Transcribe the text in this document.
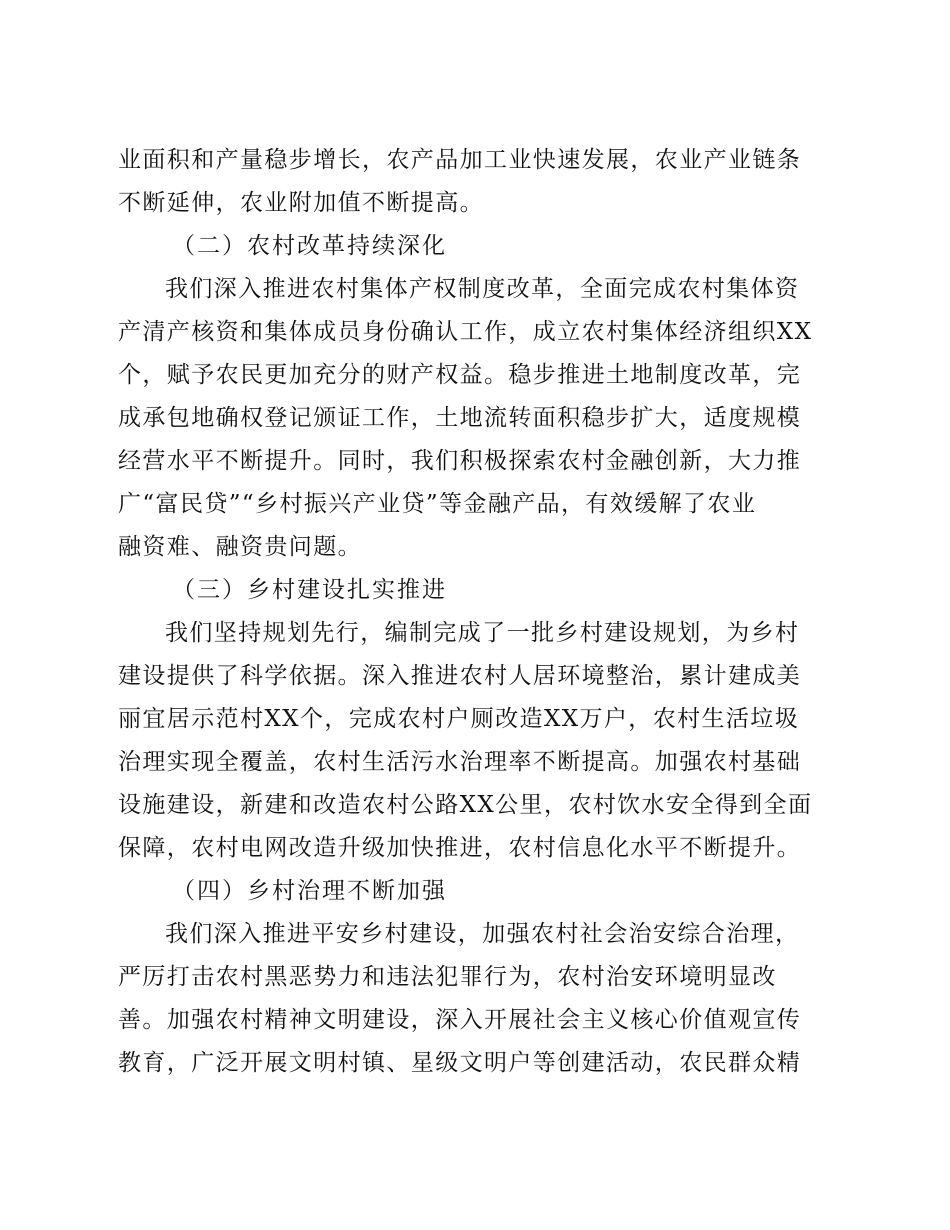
业面积和产量稳步增长，农产品加工业快速发展，农业产业链条
不断延伸，农业附加值不断提高。
（二）农村改革持续深化
我们深入推进农村集体产权制度改革，全面完成农村集体资
产清产核资和集体成员身份确认工作，成立农村集体经济组织XX
个，赋予农民更加充分的财产权益。稳步推进土地制度改革，完
成承包地确权登记颁证工作，土地流转面积稳步扩大，适度规模
经营水平不断提升。同时，我们积极探索农村金融创新，大力推
广“富民贷”“乡村振兴产业贷”等金融产品，有效缓解了农业
融资难、融资贵问题。
（三）乡村建设扎实推进
我们坚持规划先行，编制完成了一批乡村建设规划，为乡村
建设提供了科学依据。深入推进农村人居环境整治，累计建成美
丽宜居示范村XX个，完成农村户厕改造XX万户，农村生活垃圾
治理实现全覆盖，农村生活污水治理率不断提高。加强农村基础
设施建设，新建和改造农村公路XX公里，农村饮水安全得到全面
保障，农村电网改造升级加快推进，农村信息化水平不断提升。
（四）乡村治理不断加强
我们深入推进平安乡村建设，加强农村社会治安综合治理，
严厉打击农村黑恶势力和违法犯罪行为，农村治安环境明显改
善。加强农村精神文明建设，深入开展社会主义核心价值观宣传
教育，广泛开展文明村镇、星级文明户等创建活动，农民群众精
